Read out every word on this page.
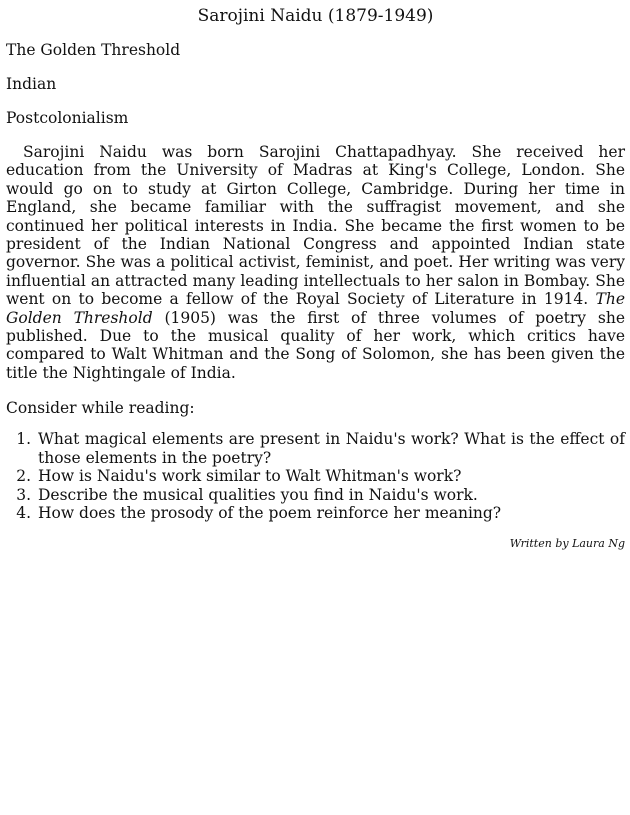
Sarojini Naidu (1879-1949)

The Golden Threshold

Indian

Postcolonialism

Sarojini Naidu was born Sarojini Chattapadhyay. She received her education from the University of Madras at King's College, London. She would go on to study at Girton College, Cambridge. During her time in England, she became familiar with the suffragist movement, and she continued her political interests in India. She became the first women to be president of the Indian National Congress and appointed Indian state governor. She was a political activist, feminist, and poet. Her writing was very influential an attracted many leading intellectuals to her salon in Bombay. She went on to become a fellow of the Royal Society of Literature in 1914. The Golden Threshold (1905) was the first of three volumes of poetry she published. Due to the musical quality of her work, which critics have compared to Walt Whitman and the Song of Solomon, she has been given the title the Nightingale of India.

Consider while reading:

1. What magical elements are present in Naidu's work? What is the effect of those elements in the poetry?
2. How is Naidu's work similar to Walt Whitman's work?
3. Describe the musical qualities you find in Naidu's work.
4. How does the prosody of the poem reinforce her meaning?

Written by Laura Ng
